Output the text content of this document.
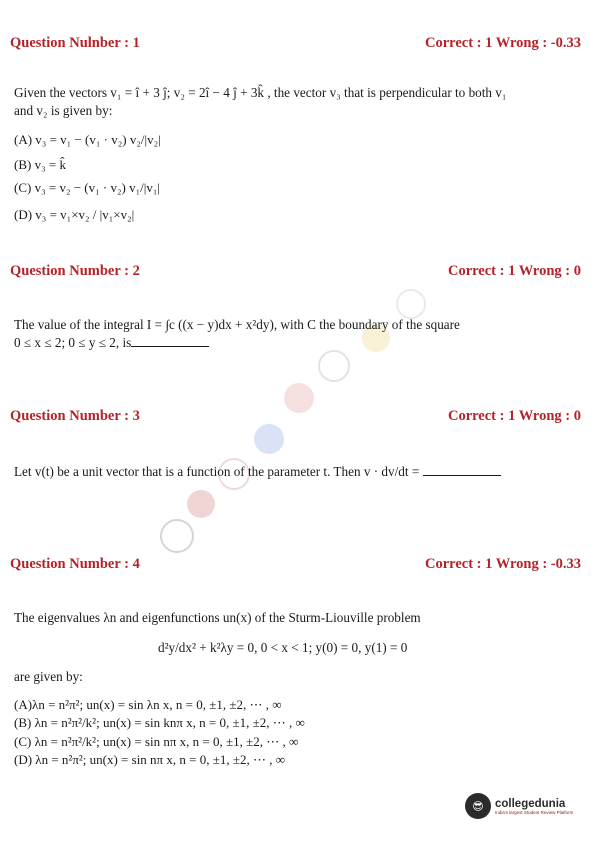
Question Nulnber : 1	Correct : 1 Wrong : -0.33
Given the vectors v₁ = î + 3 ĵ; v₂ = 2î − 4 ĵ + 3k̂ , the vector v₃ that is perpendicular to both v₁
and v₂ is given by:
(A) v₃ = v₁ − (v₁ · v₂) v₂/|v₂|
(B) v₃ = k̂
(C) v₃ = v₂ − (v₁ · v₂) v₁/|v₁|
(D) v₃ = v₁×v₂ / |v₁×v₂|
Question Number : 2	Correct : 1 Wrong : 0
The value of the integral I = ∫c ((x − y)dx + x²dy), with C the boundary of the square
0 ≤ x ≤ 2; 0 ≤ y ≤ 2, is
Question Number : 3	Correct : 1 Wrong : 0
Let v(t) be a unit vector that is a function of the parameter t. Then v · dv/dt =
Question Number : 4	Correct : 1 Wrong : -0.33
The eigenvalues λn and eigenfunctions un(x) of the Sturm-Liouville problem
d²y/dx² + k²λy = 0, 0 < x < 1; y(0) = 0, y(1) = 0
are given by:
(A)λn = n²π²; un(x) = sin λn x, n = 0, ±1, ±2, ⋯ , ∞
(B) λn = n²π²/k²; un(x) = sin knπ x, n = 0, ±1, ±2, ⋯ , ∞
(C) λn = n²π²/k²; un(x) = sin nπ x, n = 0, ±1, ±2, ⋯ , ∞
(D) λn = n²π²; un(x) = sin nπ x, n = 0, ±1, ±2, ⋯ , ∞
😎 collegedunia
India's largest Student Review Platform
